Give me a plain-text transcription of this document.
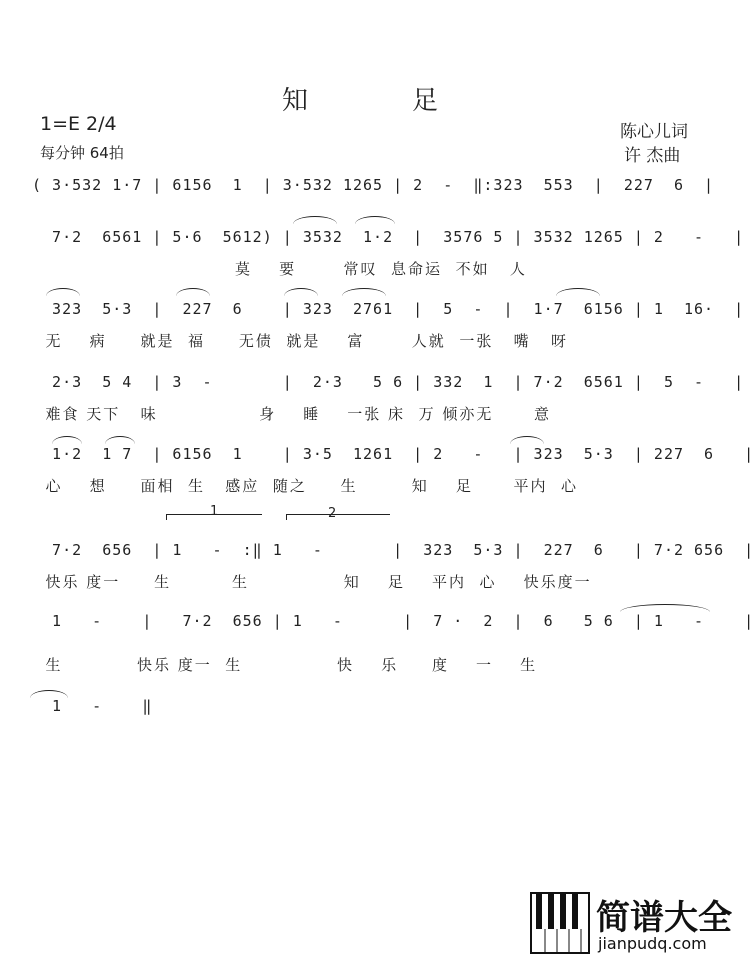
知　　　　足
1=E 2/4
每分钟 64拍
陈心儿词
许 杰曲
( 3·532 1·7 | 6156  1  | 3·532 1265 | 2  -  ‖:323  553  |  227  6  |
7·2  6561 | 5·6  5612) | 3532  1·2  |  3576 5 | 3532 1265 | 2   -   |
莫    要       常叹  息命运  不如   人
323  5·3  |  227  6    | 323  2761  |  5  -  |  1·7  6156 | 1  16·  |
无    病     就是  福     无债  就是    富       人就  一张   嘴   呀
2·3  5 4  | 3  -       |  2·3   5 6 | 332  1  | 7·2  6561 |  5  -   |
难食 天下   味               身    睡    一张 床  万 倾亦无      意
1·2  1 7  | 6156  1    | 3·5  1261  | 2   -   | 323  5·3  | 227  6   |
心    想     面相  生   感应  随之     生        知    足      平内  心
1	2
7·2  656  | 1   -  :‖ 1   -       |  323  5·3 |  227  6   | 7·2 656  |
快乐 度一     生         生              知    足    平内  心    快乐度一
1   -    |   7·2  656 | 1   -      |  7 ·  2  |  6   5 6  | 1   -    |
生           快乐 度一  生              快    乐     度    一    生
1   -    ‖
简谱大全
jianpudq.com
